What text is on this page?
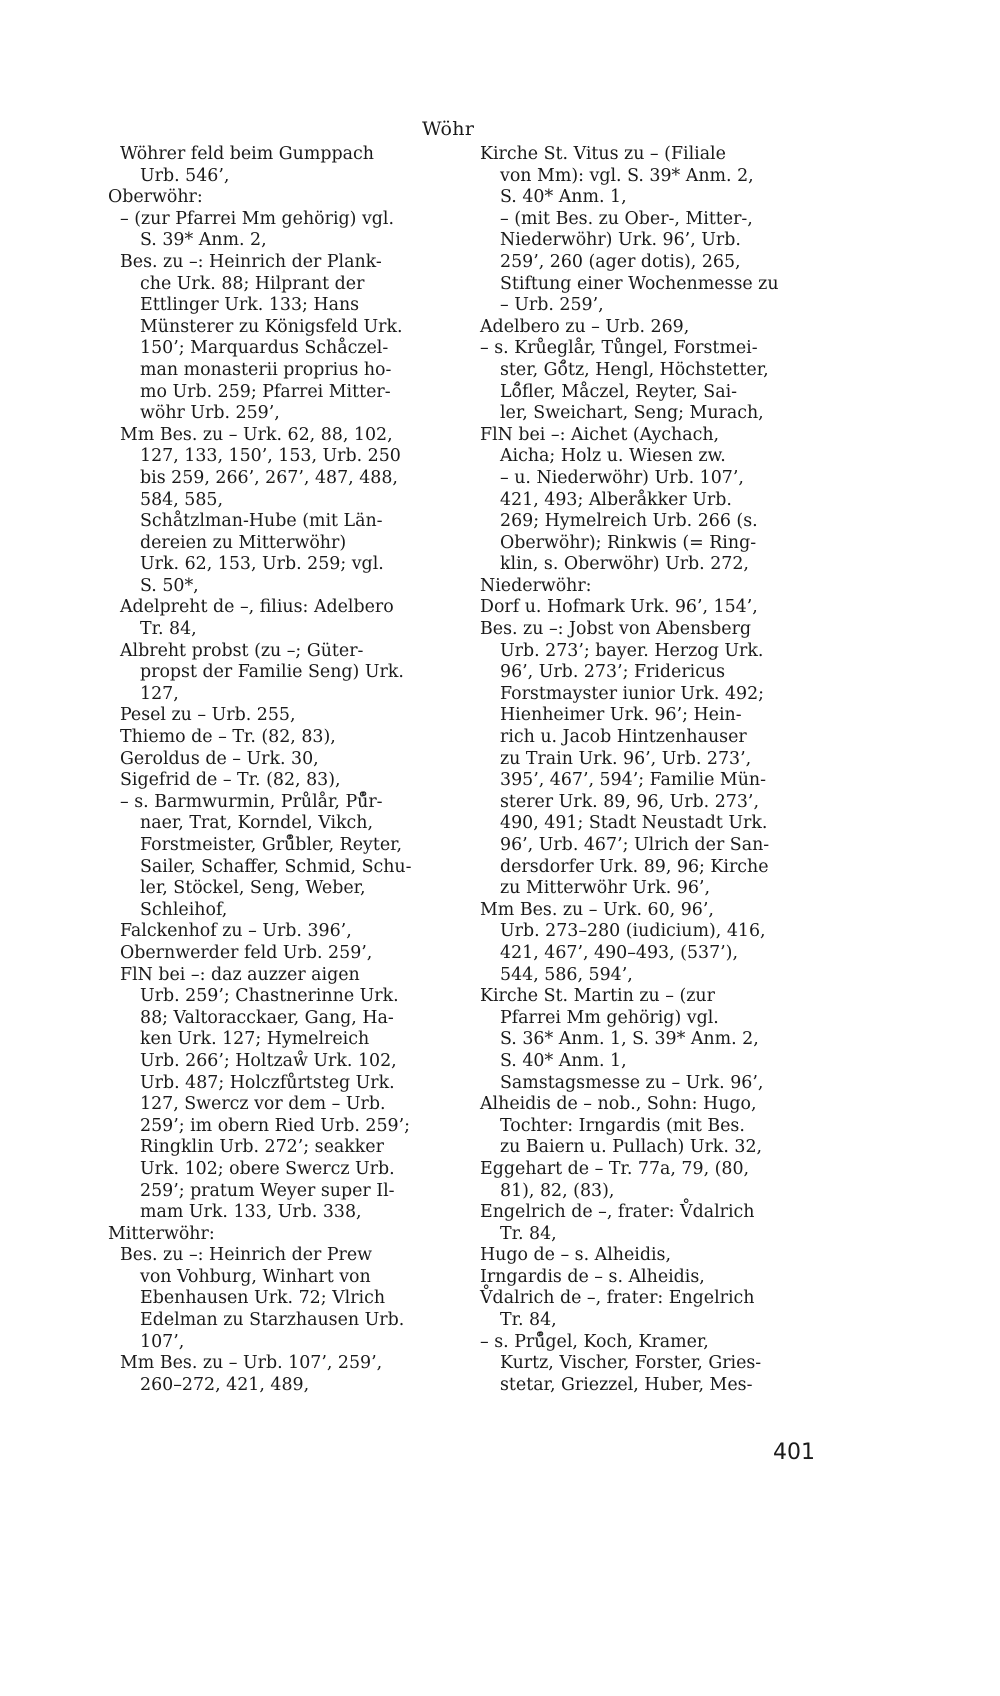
Wöhr
Wöhrer feld beim Gumppach
Urb. 546’,
Oberwöhr:
– (zur Pfarrei Mm gehörig) vgl.
S. 39* Anm. 2,
Bes. zu –: Heinrich der Plank-
che Urk. 88; Hilprant der
Ettlinger Urk. 133; Hans
Münsterer zu Königsfeld Urk.
150’; Marquardus Schåczel-
man monasterii proprius ho-
mo Urb. 259; Pfarrei Mitter-
wöhr Urb. 259’,
Mm Bes. zu – Urk. 62, 88, 102,
127, 133, 150’, 153, Urb. 250
bis 259, 266’, 267’, 487, 488,
584, 585,
Schåtzlman-Hube (mit Län-
dereien zu Mitterwöhr)
Urk. 62, 153, Urb. 259; vgl.
S. 50*,
Adelpreht de –, filius: Adelbero
Tr. 84,
Albreht probst (zu –; Güter-
propst der Familie Seng) Urk.
127,
Pesel zu – Urb. 255,
Thiemo de – Tr. (82, 83),
Geroldus de – Urk. 30,
Sigefrid de – Tr. (82, 83),
– s. Barmwurmin, Průlår, Pů̊r-
naer, Trat, Korndel, Vikch,
Forstmeister, Grů̊bler, Reyter,
Sailer, Schaffer, Schmid, Schu-
ler, Stöckel, Seng, Weber,
Schleihof,
Falckenhof zu – Urb. 396’,
Obernwerder feld Urb. 259’,
FlN bei –: daz auzzer aigen
Urb. 259’; Chastnerinne Urk.
88; Valtoracckaer, Gang, Ha-
ken Urk. 127; Hymelreich
Urb. 266’; Holtzaẘ Urk. 102,
Urb. 487; Holczfůrtsteg Urk.
127, Swercz vor dem – Urb.
259’; im obern Ried Urb. 259’;
Ringklin Urb. 272’; seakker
Urk. 102; obere Swercz Urb.
259’; pratum Weyer super Il-
mam Urk. 133, Urb. 338,
Mitterwöhr:
Bes. zu –: Heinrich der Prew
von Vohburg, Winhart von
Ebenhausen Urk. 72; Vlrich
Edelman zu Starzhausen Urb.
107’,
Mm Bes. zu – Urb. 107’, 259’,
260–272, 421, 489,
Kirche St. Vitus zu – (Filiale
von Mm): vgl. S. 39* Anm. 2,
S. 40* Anm. 1,
– (mit Bes. zu Ober-, Mitter-,
Niederwöhr) Urk. 96’, Urb.
259’, 260 (ager dotis), 265,
Stiftung einer Wochenmesse zu
– Urb. 259’,
Adelbero zu – Urb. 269,
– s. Krůeglår, Tůngel, Forstmei-
ster, Gö̊tz, Hengl, Höchstetter,
Lö̊fler, Måczel, Reyter, Sai-
ler, Sweichart, Seng; Murach,
FlN bei –: Aichet (Aychach,
Aicha; Holz u. Wiesen zw.
– u. Niederwöhr) Urb. 107’,
421, 493; Alberåkker Urb.
269; Hymelreich Urb. 266 (s.
Oberwöhr); Rinkwis (= Ring-
klin, s. Oberwöhr) Urb. 272,
Niederwöhr:
Dorf u. Hofmark Urk. 96’, 154’,
Bes. zu –: Jobst von Abensberg
Urb. 273’; bayer. Herzog Urk.
96’, Urb. 273’; Fridericus
Forstmayster iunior Urk. 492;
Hienheimer Urk. 96’; Hein-
rich u. Jacob Hintzenhauser
zu Train Urk. 96’, Urb. 273’,
395’, 467’, 594’; Familie Mün-
sterer Urk. 89, 96, Urb. 273’,
490, 491; Stadt Neustadt Urk.
96’, Urb. 467’; Ulrich der San-
dersdorfer Urk. 89, 96; Kirche
zu Mitterwöhr Urk. 96’,
Mm Bes. zu – Urk. 60, 96’,
Urb. 273–280 (iudicium), 416,
421, 467’, 490–493, (537’),
544, 586, 594’,
Kirche St. Martin zu – (zur
Pfarrei Mm gehörig) vgl.
S. 36* Anm. 1, S. 39* Anm. 2,
S. 40* Anm. 1,
Samstagsmesse zu – Urk. 96’,
Alheidis de – nob., Sohn: Hugo,
Tochter: Irngardis (mit Bes.
zu Baiern u. Pullach) Urk. 32,
Eggehart de – Tr. 77a, 79, (80,
81), 82, (83),
Engelrich de –, frater: V̊dalrich
Tr. 84,
Hugo de – s. Alheidis,
Irngardis de – s. Alheidis,
V̊dalrich de –, frater: Engelrich
Tr. 84,
– s. Prů̊gel, Koch, Kramer,
Kurtz, Vischer, Forster, Gries-
stetar, Griezzel, Huber, Mes-
401
